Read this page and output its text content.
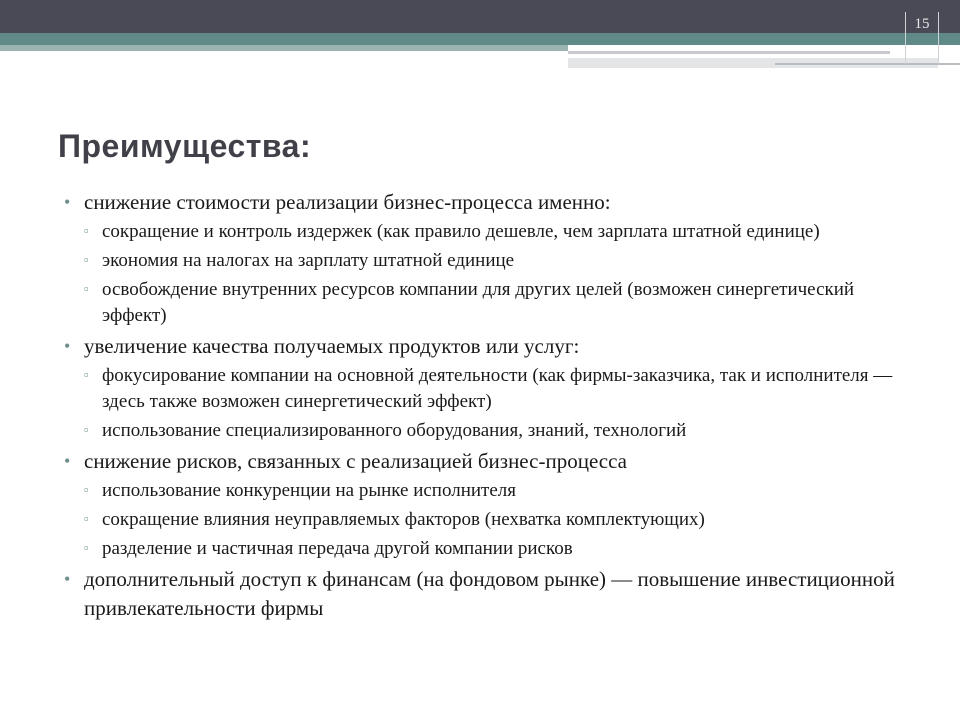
15
Преимущества:
• снижение стоимости реализации бизнес-процесса именно:
▫ сокращение и контроль издержек (как правило дешевле, чем зарплата штатной единице)
▫ экономия на налогах на зарплату штатной единице
▫ освобождение внутренних ресурсов компании для других целей (возможен синергетический эффект)
• увеличение качества получаемых продуктов или услуг:
▫ фокусирование компании на основной деятельности (как фирмы-заказчика, так и исполнителя — здесь также возможен синергетический эффект)
▫ использование специализированного оборудования, знаний, технологий
• снижение рисков, связанных с реализацией бизнес-процесса
▫ использование конкуренции на рынке исполнителя
▫ сокращение влияния неуправляемых факторов (нехватка комплектующих)
▫ разделение и частичная передача другой компании рисков
• дополнительный доступ к финансам (на фондовом рынке) — повышение инвестиционной привлекательности фирмы
